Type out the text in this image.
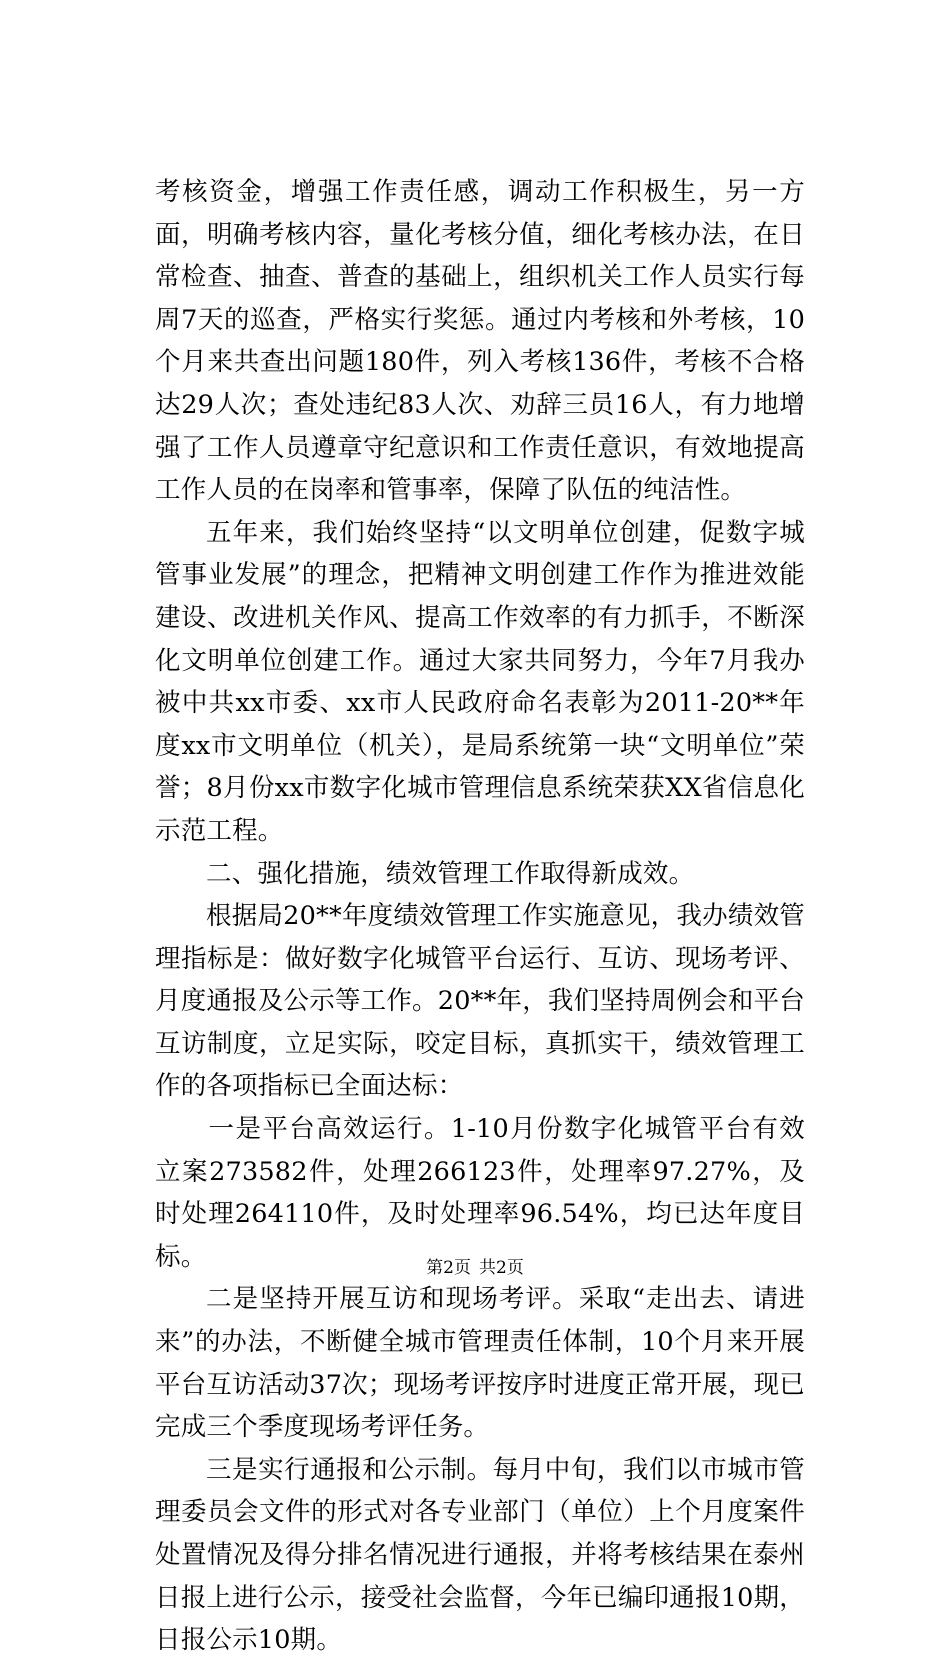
考核资金，增强工作责任感，调动工作积极生，另一方面，明确考核内容，量化考核分值，细化考核办法，在日常检查、抽查、普查的基础上，组织机关工作人员实行每周7天的巡查，严格实行奖惩。通过内考核和外考核，10个月来共查出问题180件，列入考核136件，考核不合格达29人次；查处违纪83人次、劝辞三员16人，有力地增强了工作人员遵章守纪意识和工作责任意识，有效地提高工作人员的在岗率和管事率，保障了队伍的纯洁性。

五年来，我们始终坚持“以文明单位创建，促数字城管事业发展”的理念，把精神文明创建工作作为推进效能建设、改进机关作风、提高工作效率的有力抓手，不断深化文明单位创建工作。通过大家共同努力，今年7月我办被中共xx市委、xx市人民政府命名表彰为2011-20**年度xx市文明单位（机关），是局系统第一块“文明单位”荣誉；8月份xx市数字化城市管理信息系统荣获XX省信息化示范工程。

二、强化措施，绩效管理工作取得新成效。

根据局20**年度绩效管理工作实施意见，我办绩效管理指标是：做好数字化城管平台运行、互访、现场考评、月度通报及公示等工作。20**年，我们坚持周例会和平台互访制度，立足实际，咬定目标，真抓实干，绩效管理工作的各项指标已全面达标：

一是平台高效运行。1-10月份数字化城管平台有效立案273582件，处理266123件，处理率97.27%，及时处理264110件，及时处理率96.54%，均已达年度目标。

二是坚持开展互访和现场考评。采取“走出去、请进来”的办法，不断健全城市管理责任体制，10个月来开展平台互访活动37次；现场考评按序时进度正常开展，现已完成三个季度现场考评任务。

三是实行通报和公示制。每月中旬，我们以市城市管理委员会文件的形式对各专业部门（单位）上个月度案件处置情况及得分排名情况进行通报，并将考核结果在泰州日报上进行公示，接受社会监督，今年已编印通报10期，日报公示10期。

第2页 共2页
